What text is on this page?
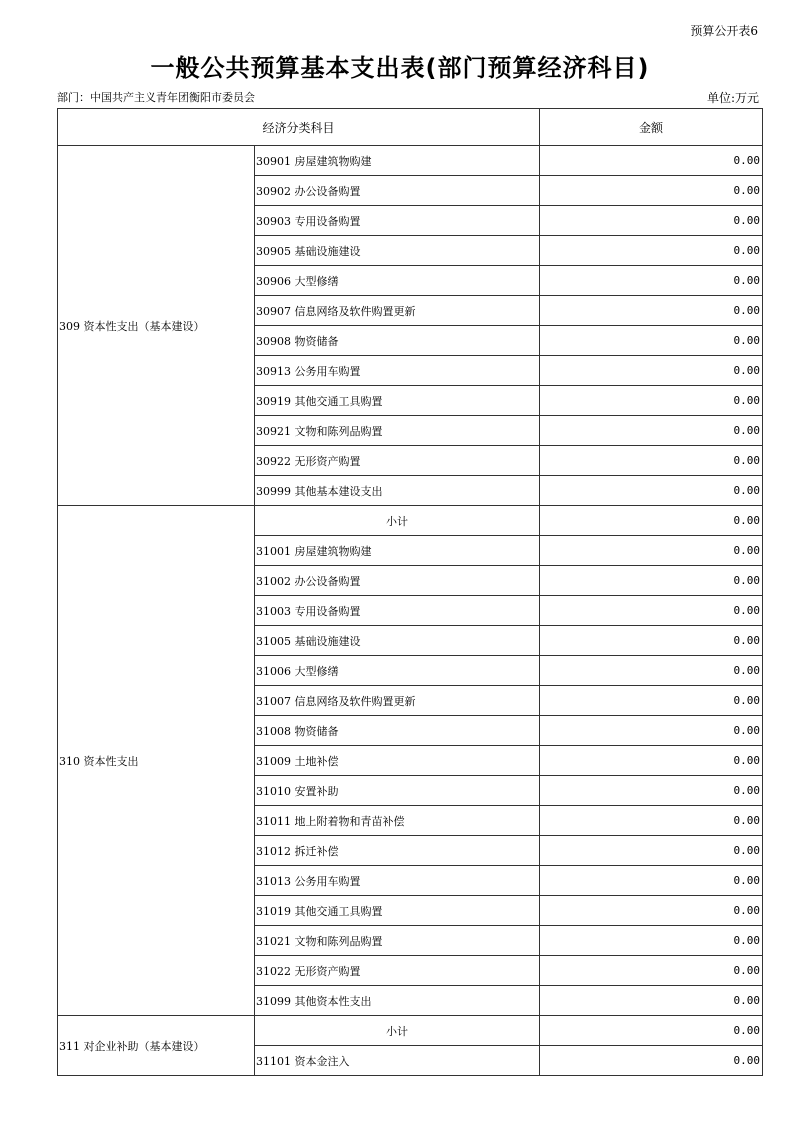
预算公开表6
一般公共预算基本支出表(部门预算经济科目)
部门：中国共产主义青年团衡阳市委员会	单位:万元
经济分类科目		金额
309 资本性支出（基本建设）	30901 房屋建筑物购建	0.00
	30902 办公设备购置	0.00
	30903 专用设备购置	0.00
	30905 基础设施建设	0.00
	30906 大型修缮	0.00
	30907 信息网络及软件购置更新	0.00
	30908 物资储备	0.00
	30913 公务用车购置	0.00
	30919 其他交通工具购置	0.00
	30921 文物和陈列品购置	0.00
	30922 无形资产购置	0.00
	30999 其他基本建设支出	0.00
310 资本性支出	小计	0.00
	31001 房屋建筑物购建	0.00
	31002 办公设备购置	0.00
	31003 专用设备购置	0.00
	31005 基础设施建设	0.00
	31006 大型修缮	0.00
	31007 信息网络及软件购置更新	0.00
	31008 物资储备	0.00
	31009 土地补偿	0.00
	31010 安置补助	0.00
	31011 地上附着物和青苗补偿	0.00
	31012 拆迁补偿	0.00
	31013 公务用车购置	0.00
	31019 其他交通工具购置	0.00
	31021 文物和陈列品购置	0.00
	31022 无形资产购置	0.00
	31099 其他资本性支出	0.00
311 对企业补助（基本建设）	小计	0.00
	31101 资本金注入	0.00
